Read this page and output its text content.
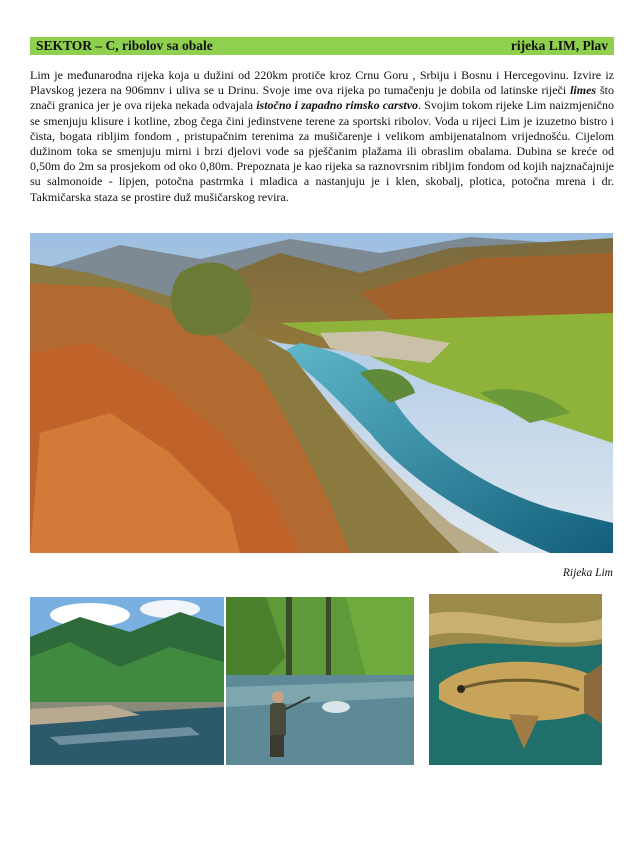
SEKTOR – C, ribolov sa obale	rijeka LIM, Plav

Lim je međunarodna rijeka koja u dužini od 220km protiče kroz Crnu Goru , Srbiju i Bosnu i Hercegovinu. Izvire iz Plavskog jezera na 906mnv i uliva se u Drinu. Svoje ime ova rijeka po tumačenju je dobila od latinske riječi limes što znači granica jer je ova rijeka nekada odvajala istočno i zapadno rimsko carstvo. Svojim tokom rijeke Lim naizmjenično se smenjuju klisure i kotline, zbog čega čini jedinstvene terene za sportski ribolov. Voda u rijeci Lim je izuzetno bistro i čista, bogata ribljim fondom , pristupačnim terenima za mušičarenje i velikom ambijenatalnom vrijednošću. Cijelom dužinom toka se smenjuju mirni i brzi djelovi vode sa pješčanim plažama ili obraslim obalama. Dubina se kreće od 0,50m do 2m sa prosjekom od oko 0,80m. Prepoznata je kao rijeka sa raznovrsnim ribljim fondom od kojih najznačajnije su salmonoide - lipjen, potočna pastrmka i mladica a nastanjuju je i klen, skobalj, plotica, potočna mrena i dr. Takmičarska staza se prostire duž mušičarskog revira.

Rijeka Lim
